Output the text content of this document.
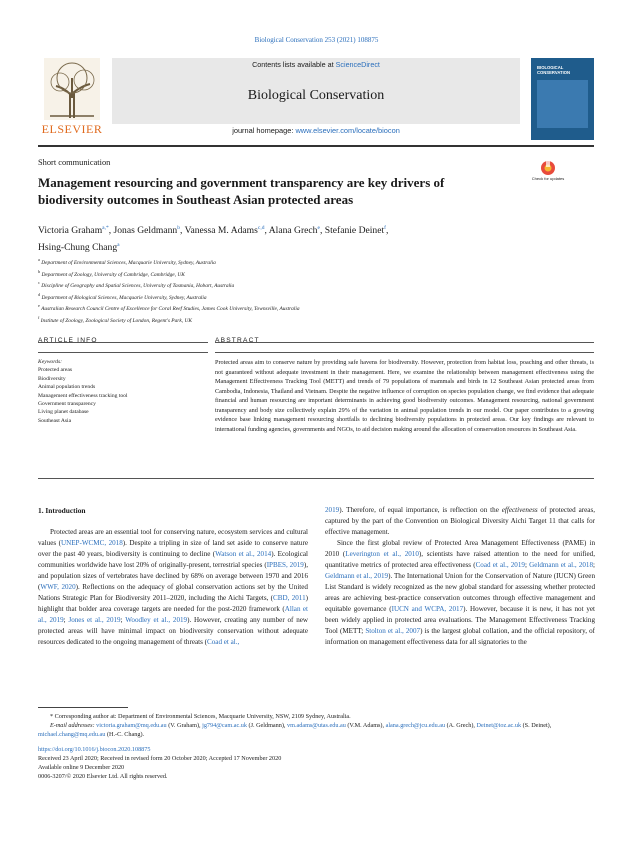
Biological Conservation 253 (2021) 108875
ELSEVIER
Contents lists available at ScienceDirect
Biological Conservation
journal homepage: www.elsevier.com/locate/biocon
BIOLOGICAL CONSERVATION
Short communication
Management resourcing and government transparency are key drivers of biodiversity outcomes in Southeast Asian protected areas
Check for updates
Victoria Graham$^{a,*}$, Jonas Geldmann$^b$, Vanessa M. Adams$^{c,d}$, Alana Grech$^e$, Stefanie Deinet$^f$,
Hsing-Chung Chang$^a$
$^a$ Department of Environmental Sciences, Macquarie University, Sydney, Australia
$^b$ Department of Zoology, University of Cambridge, Cambridge, UK
$^c$ Discipline of Geography and Spatial Sciences, University of Tasmania, Hobart, Australia
$^d$ Department of Biological Sciences, Macquarie University, Sydney, Australia
$^e$ Australian Research Council Centre of Excellence for Coral Reef Studies, James Cook University, Townsville, Australia
$^f$ Institute of Zoology, Zoological Society of London, Regent's Park, UK
ARTICLE INFO	ABSTRACT
Keywords:
Protected areas
Biodiversity
Animal population trends
Management effectiveness tracking tool
Government transparency
Living planet database
Southeast Asia
Protected areas aim to conserve nature by providing safe havens for biodiversity. However, protection from habitat loss, poaching and other threats, is not guaranteed without adequate investment in their management. Here, we examine the relationship between management effectiveness using the Management Effectiveness Tracking Tool (METT) and trends of 79 populations of mammals and birds in 12 Southeast Asian protected areas from Cambodia, Indonesia, Thailand and Vietnam. Despite the negative influence of corruption on species population change, we find evidence that adequate financial and human resourcing are important determinants in achieving good biodiversity outcomes. Management resourcing, national government transparency and body size collectively explain 29% of the variation in animal population trends in our model. Our paper contributes to a growing evidence base linking management resourcing shortfalls to declining biodiversity populations in protected areas. Our key findings are relevant to international funding agencies, governments and NGOs, to aid decision making around the allocation of conservation resources in Southeast Asia.
1. Introduction
Protected areas are an essential tool for conserving nature, ecosystem services and cultural values (UNEP-WCMC, 2018). Despite a tripling in size of land set aside to conserve nature over the past 40 years, biodiversity is continuing to decline (Watson et al., 2014). Ecological communities worldwide have lost 20% of originally-present, terrestrial species (IPBES, 2019), and population sizes of vertebrates have declined by 68% on average between 1970 and 2016 (WWF, 2020). Reflections on the adequacy of global conservation actions set by the United Nations Strategic Plan for Biodiversity 2011–2020, including the Aichi Targets, (CBD, 2011) highlight that bolder area coverage targets are needed for the post-2020 framework (Allan et al., 2019; Jones et al., 2019; Woodley et al., 2019). However, creating any number of new protected areas will have minimal impact on biodiversity conservation without adequate resources dedicated to the ongoing management of threats (Coad et al.,
2019). Therefore, of equal importance, is reflection on the effectiveness of protected areas, captured by the part of the Convention on Biological Diversity Aichi Target 11 that calls for effective management.
Since the first global review of Protected Area Management Effectiveness (PAME) in 2010 (Leverington et al., 2010), scientists have raised attention to the need for unified, quantitative metrics of protected area effectiveness (Coad et al., 2019; Geldmann et al., 2018; Geldmann et al., 2019). The International Union for the Conservation of Nature (IUCN) Green List Standard is widely recognized as the new global standard for assessing whether protected areas are achieving best-practice conservation outcomes through effective management and equitable governance (IUCN and WCPA, 2017). However, because it is new, it has not yet been widely applied in protected area evaluations. The Management Effectiveness Tracking Tool (METT; Stolton et al., 2007) is the largest global collation, and the official repository, of information on management effectiveness data for all signatories to the
* Corresponding author at: Department of Environmental Sciences, Macquarie University, NSW, 2109 Sydney, Australia.
E-mail addresses: victoria.graham@mq.edu.au (V. Graham), jg794@cam.ac.uk (J. Geldmann), vm.adams@utas.edu.au (V.M. Adams), alana.grech@jcu.edu.au (A. Grech), Deinet@ioz.ac.uk (S. Deinet), michael.chang@mq.edu.au (H.-C. Chang).
https://doi.org/10.1016/j.biocon.2020.108875
Received 23 April 2020; Received in revised form 20 October 2020; Accepted 17 November 2020
Available online 9 December 2020
0006-3207/© 2020 Elsevier Ltd. All rights reserved.
